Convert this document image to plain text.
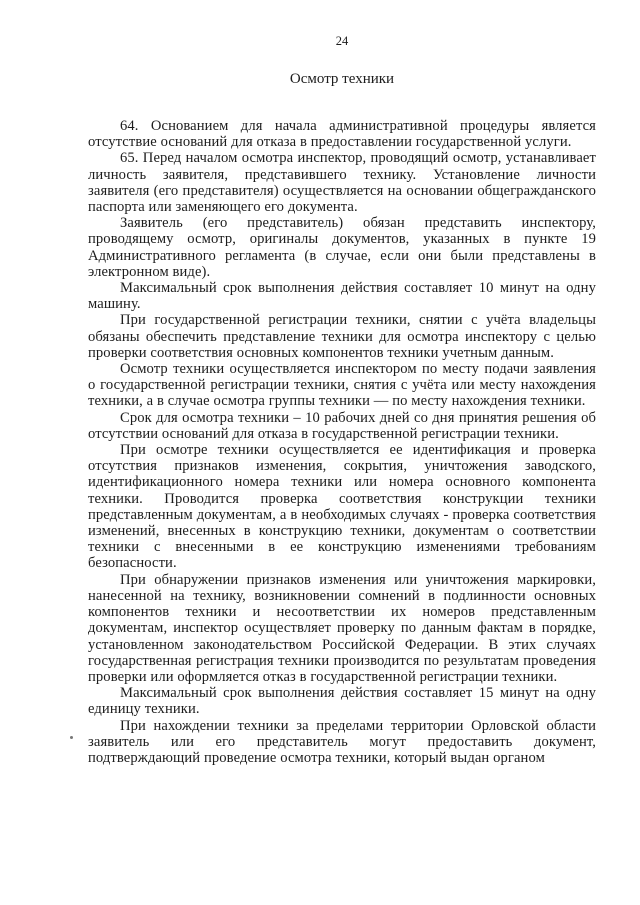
24
Осмотр техники

64. Основанием для начала административной процедуры является отсутствие оснований для отказа в предоставлении государственной услуги.

65. Перед началом осмотра инспектор, проводящий осмотр, устанавливает личность заявителя, представившего технику. Установление личности заявителя (его представителя) осуществляется на основании общегражданского паспорта или заменяющего его документа.

Заявитель (его представитель) обязан представить инспектору, проводящему осмотр, оригиналы документов, указанных в пункте 19 Административного регламента (в случае, если они были представлены в электронном виде).

Максимальный срок выполнения действия составляет 10 минут на одну машину.

При государственной регистрации техники, снятии с учёта владельцы обязаны обеспечить представление техники для осмотра инспектору с целью проверки соответствия основных компонентов техники учетным данным.

Осмотр техники осуществляется инспектором по месту подачи заявления о государственной регистрации техники, снятия с учёта или месту нахождения техники, а в случае осмотра группы техники — по месту нахождения техники.

Срок для осмотра техники – 10 рабочих дней со дня принятия решения об отсутствии оснований для отказа в государственной регистрации техники.

При осмотре техники осуществляется ее идентификация и проверка отсутствия признаков изменения, сокрытия, уничтожения заводского, идентификационного номера техники или номера основного компонента техники. Проводится проверка соответствия конструкции техники представленным документам, а в необходимых случаях - проверка соответствия изменений, внесенных в конструкцию техники, документам о соответствии техники с внесенными в ее конструкцию изменениями требованиям безопасности.

При обнаружении признаков изменения или уничтожения маркировки, нанесенной на технику, возникновении сомнений в подлинности основных компонентов техники и несоответствии их номеров представленным документам, инспектор осуществляет проверку по данным фактам в порядке, установленном законодательством Российской Федерации. В этих случаях государственная регистрация техники производится по результатам проведения проверки или оформляется отказ в государственной регистрации техники.

Максимальный срок выполнения действия составляет 15 минут на одну единицу техники.

При нахождении техники за пределами территории Орловской области заявитель или его представитель могут предоставить документ, подтверждающий проведение осмотра техники, который выдан органом
